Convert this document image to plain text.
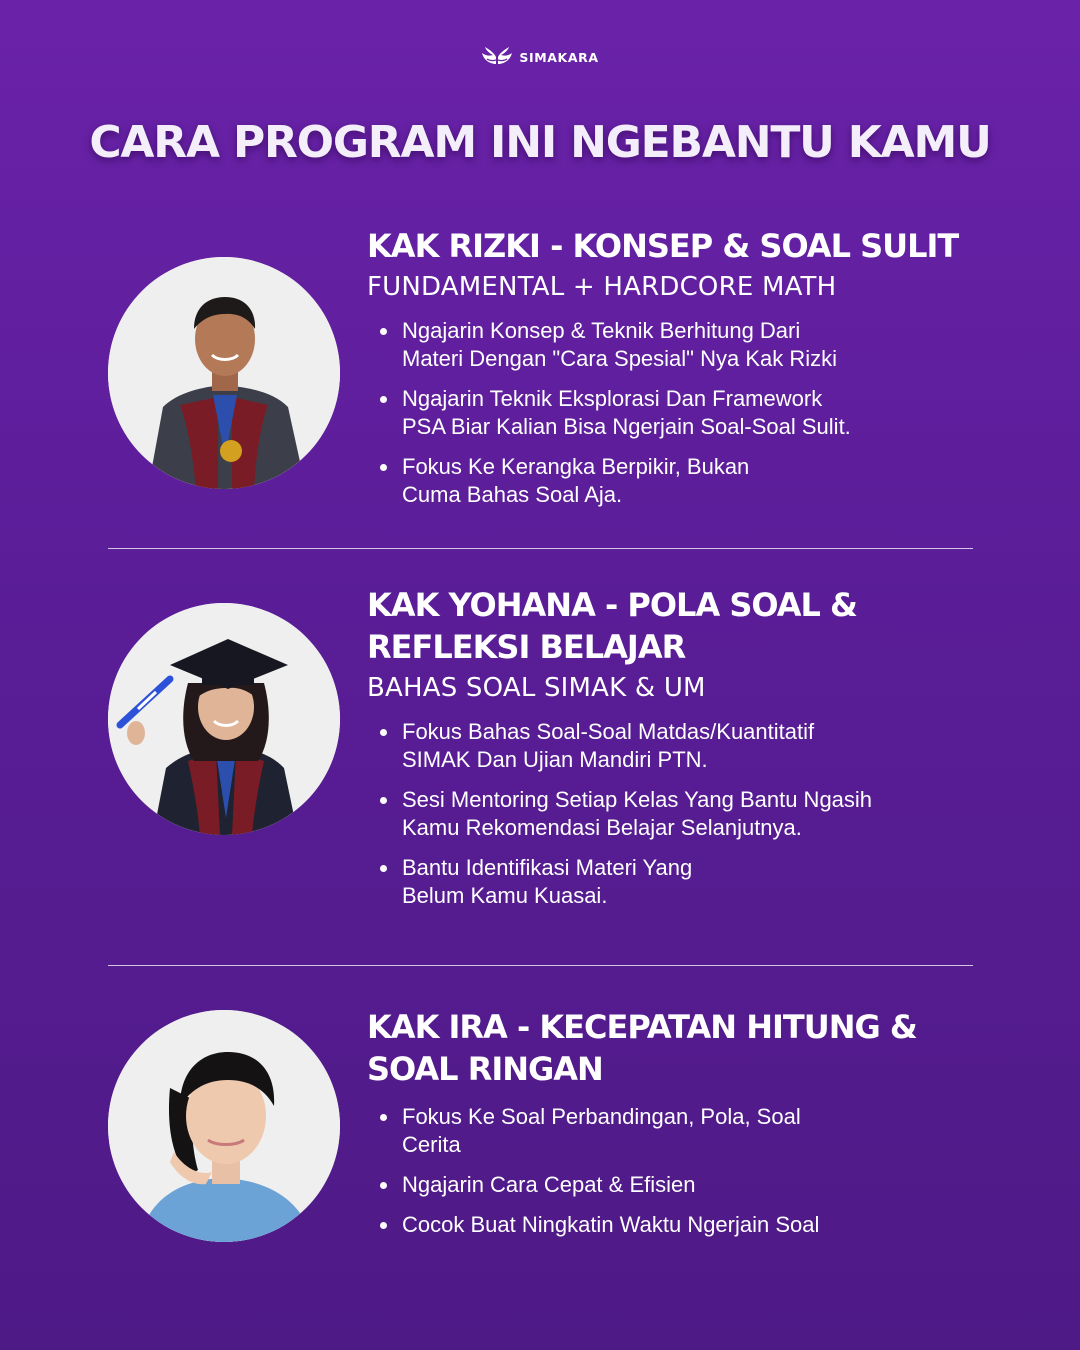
SIMAKARA
CARA PROGRAM INI NGEBANTU KAMU
KAK RIZKI - KONSEP & SOAL SULIT
FUNDAMENTAL + HARDCORE MATH
Ngajarin Konsep & Teknik Berhitung Dari
Materi Dengan "Cara Spesial" Nya Kak Rizki
Ngajarin Teknik Eksplorasi Dan Framework
PSA Biar Kalian Bisa Ngerjain Soal-Soal Sulit.
Fokus Ke Kerangka Berpikir, Bukan
Cuma Bahas Soal Aja.
KAK YOHANA - POLA SOAL &
REFLEKSI BELAJAR
BAHAS SOAL SIMAK & UM
Fokus Bahas Soal-Soal Matdas/Kuantitatif
SIMAK Dan Ujian Mandiri PTN.
Sesi Mentoring Setiap Kelas Yang Bantu Ngasih
Kamu Rekomendasi Belajar Selanjutnya.
Bantu Identifikasi Materi Yang
Belum Kamu Kuasai.
KAK IRA - KECEPATAN HITUNG &
SOAL RINGAN
Fokus Ke Soal Perbandingan, Pola, Soal
Cerita
Ngajarin Cara Cepat & Efisien
Cocok Buat Ningkatin Waktu Ngerjain Soal
